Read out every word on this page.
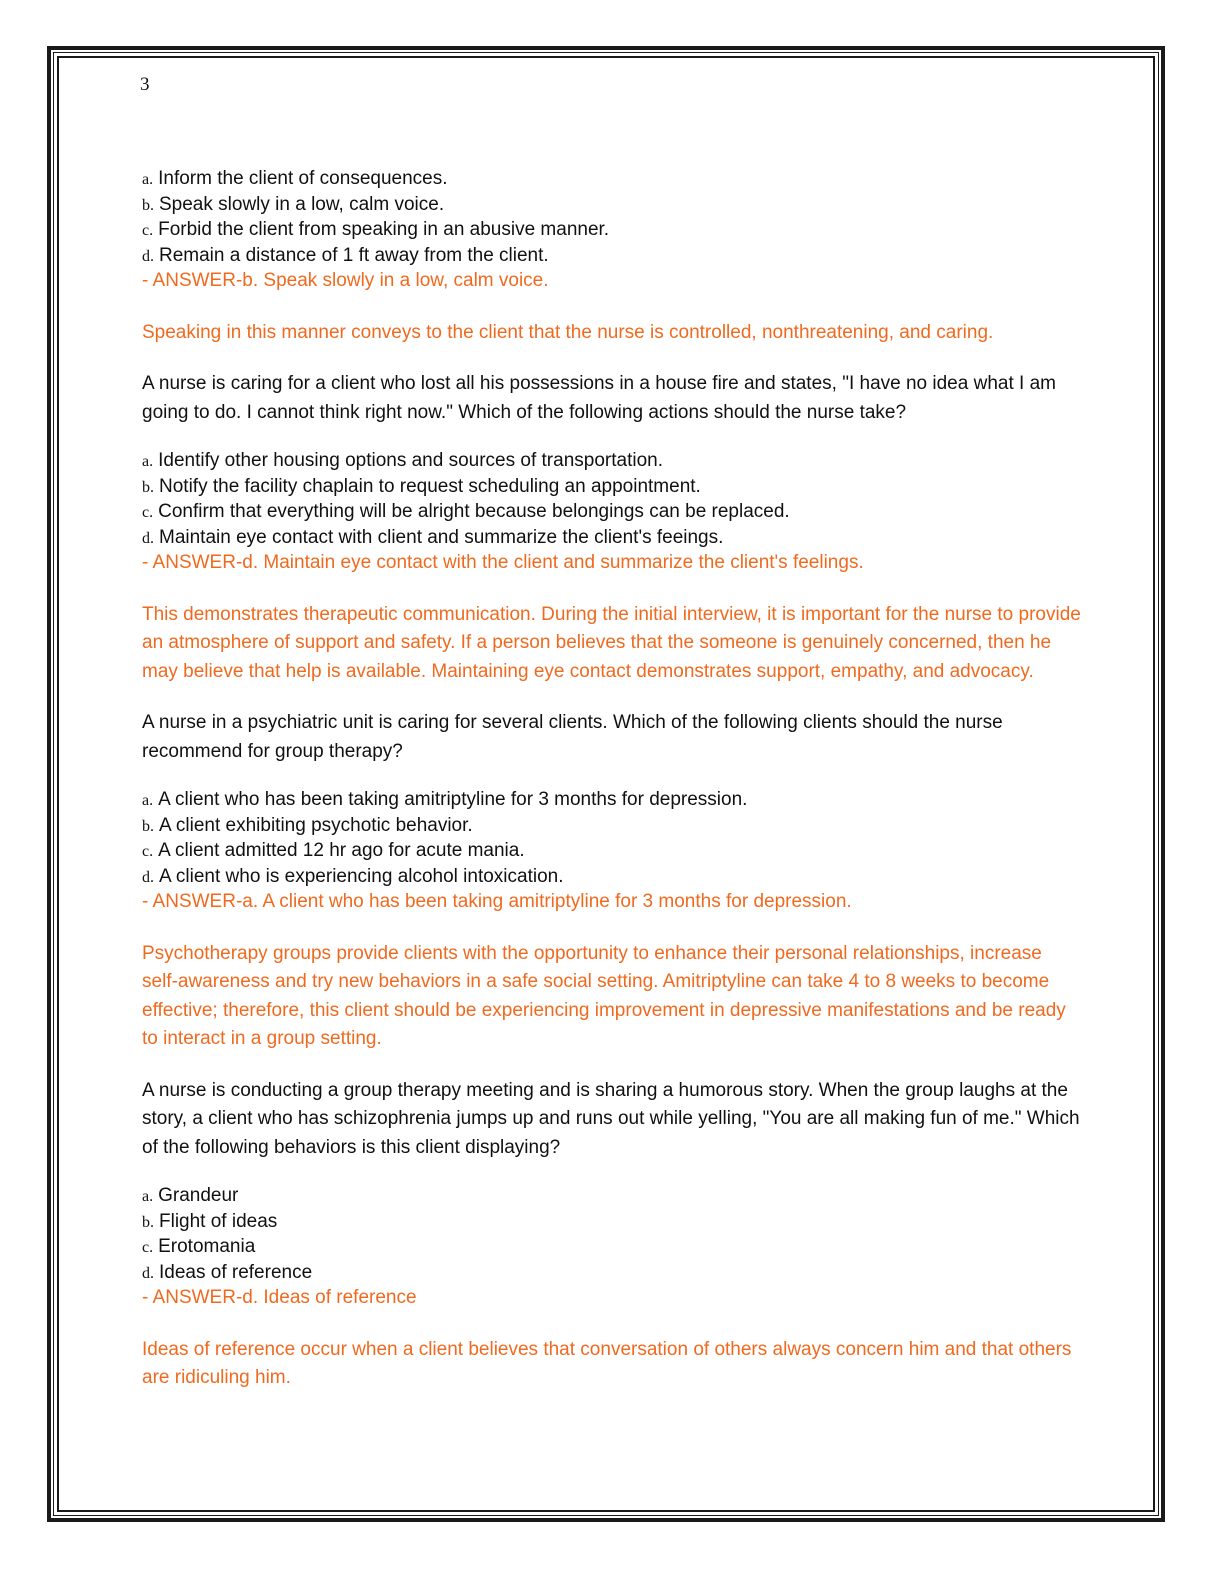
3
a. Inform the client of consequences.
b. Speak slowly in a low, calm voice.
c. Forbid the client from speaking in an abusive manner.
d. Remain a distance of 1 ft away from the client.
- ANSWER-b. Speak slowly in a low, calm voice.

Speaking in this manner conveys to the client that the nurse is controlled, nonthreatening, and caring.

A nurse is caring for a client who lost all his possessions in a house fire and states, "I have no idea what I am going to do. I cannot think right now." Which of the following actions should the nurse take?

a. Identify other housing options and sources of transportation.
b. Notify the facility chaplain to request scheduling an appointment.
c. Confirm that everything will be alright because belongings can be replaced.
d. Maintain eye contact with client and summarize the client's feeings.
- ANSWER-d. Maintain eye contact with the client and summarize the client's feelings.

This demonstrates therapeutic communication. During the initial interview, it is important for the nurse to provide an atmosphere of support and safety. If a person believes that the someone is genuinely concerned, then he may believe that help is available. Maintaining eye contact demonstrates support, empathy, and advocacy.

A nurse in a psychiatric unit is caring for several clients. Which of the following clients should the nurse recommend for group therapy?

a. A client who has been taking amitriptyline for 3 months for depression.
b. A client exhibiting psychotic behavior.
c. A client admitted 12 hr ago for acute mania.
d. A client who is experiencing alcohol intoxication.
- ANSWER-a. A client who has been taking amitriptyline for 3 months for depression.

Psychotherapy groups provide clients with the opportunity to enhance their personal relationships, increase self-awareness and try new behaviors in a safe social setting. Amitriptyline can take 4 to 8 weeks to become effective; therefore, this client should be experiencing improvement in depressive manifestations and be ready to interact in a group setting.

A nurse is conducting a group therapy meeting and is sharing a humorous story. When the group laughs at the story, a client who has schizophrenia jumps up and runs out while yelling, "You are all making fun of me." Which of the following behaviors is this client displaying?

a. Grandeur
b. Flight of ideas
c. Erotomania
d. Ideas of reference
- ANSWER-d. Ideas of reference

Ideas of reference occur when a client believes that conversation of others always concern him and that others are ridiculing him.
